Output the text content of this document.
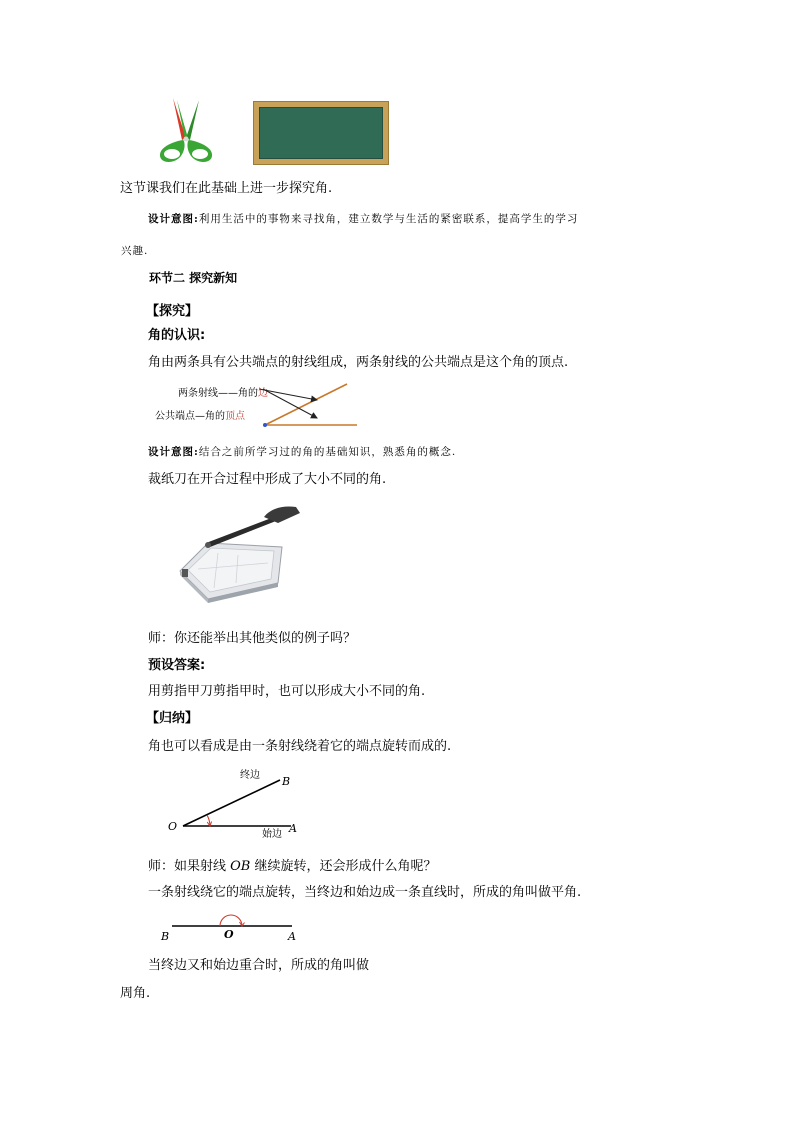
这节课我们在此基础上进一步探究角.
设计意图:利用生活中的事物来寻找角，建立数学与生活的紧密联系，提高学生的学习
兴趣.
环节二 探究新知
【探究】
角的认识:
角由两条具有公共端点的射线组成，两条射线的公共端点是这个角的顶点.
两条射线——角的边
公共端点—角的顶点
设计意图:结合之前所学习过的角的基础知识，熟悉角的概念.
裁纸刀在开合过程中形成了大小不同的角.
师：你还能举出其他类似的例子吗？
预设答案:
用剪指甲刀剪指甲时，也可以形成大小不同的角.
【归纳】
角也可以看成是由一条射线绕着它的端点旋转而成的.
终边 B
O
始边 A
师：如果射线 OB 继续旋转，还会形成什么角呢？
一条射线绕它的端点旋转，当终边和始边成一条直线时，所成的角叫做平角.
B	O	A
当终边又和始边重合时，所成的角叫做
周角.
